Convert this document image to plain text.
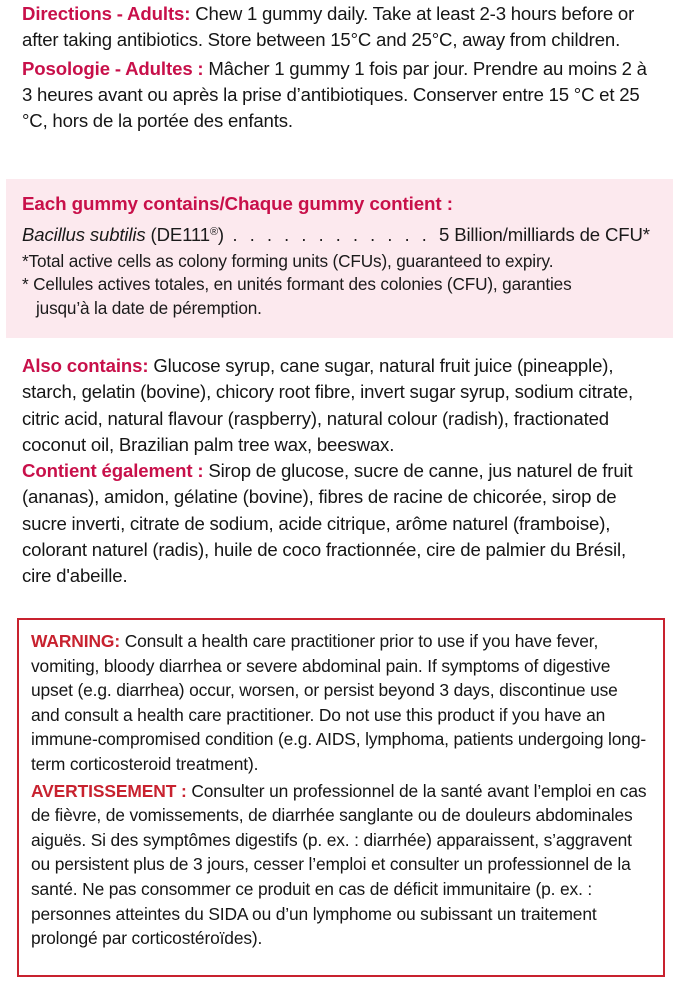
Directions - Adults: Chew 1 gummy daily. Take at least 2-3 hours before or after taking antibiotics. Store between 15°C and 25°C, away from children.

Posologie - Adultes : Mâcher 1 gummy 1 fois par jour. Prendre au moins 2 à 3 heures avant ou après la prise d’antibiotiques. Conserver entre 15 °C et 25 °C, hors de la portée des enfants.

Each gummy contains/Chaque gummy contient :

Bacillus subtilis (DE111®) . . . . . . . . . . . . 5 Billion/milliards de CFU*

*Total active cells as colony forming units (CFUs), guaranteed to expiry.

* Cellules actives totales, en unités formant des colonies (CFU), garanties
jusqu’à la date de péremption.

Also contains: Glucose syrup, cane sugar, natural fruit juice (pineapple), starch, gelatin (bovine), chicory root fibre, invert sugar syrup, sodium citrate, citric acid, natural flavour (raspberry), natural colour (radish), fractionated coconut oil, Brazilian palm tree wax, beeswax.

Contient également : Sirop de glucose, sucre de canne, jus naturel de fruit (ananas), amidon, gélatine (bovine), fibres de racine de chicorée, sirop de sucre inverti, citrate de sodium, acide citrique, arôme naturel (framboise), colorant naturel (radis), huile de coco fractionnée, cire de palmier du Brésil, cire d'abeille.

WARNING: Consult a health care practitioner prior to use if you have fever, vomiting, bloody diarrhea or severe abdominal pain. If symptoms of digestive upset (e.g. diarrhea) occur, worsen, or persist beyond 3 days, discontinue use and consult a health care practitioner. Do not use this product if you have an immune-compromised condition (e.g. AIDS, lymphoma, patients undergoing long-term corticosteroid treatment).

AVERTISSEMENT : Consulter un professionnel de la santé avant l’emploi en cas de fièvre, de vomissements, de diarrhée sanglante ou de douleurs abdominales aiguës. Si des symptômes digestifs (p. ex. : diarrhée) apparaissent, s’aggravent ou persistent plus de 3 jours, cesser l’emploi et consulter un professionnel de la santé. Ne pas consommer ce produit en cas de déficit immunitaire (p. ex. : personnes atteintes du SIDA ou d’un lymphome ou subissant un traitement prolongé par corticostéroïdes).
